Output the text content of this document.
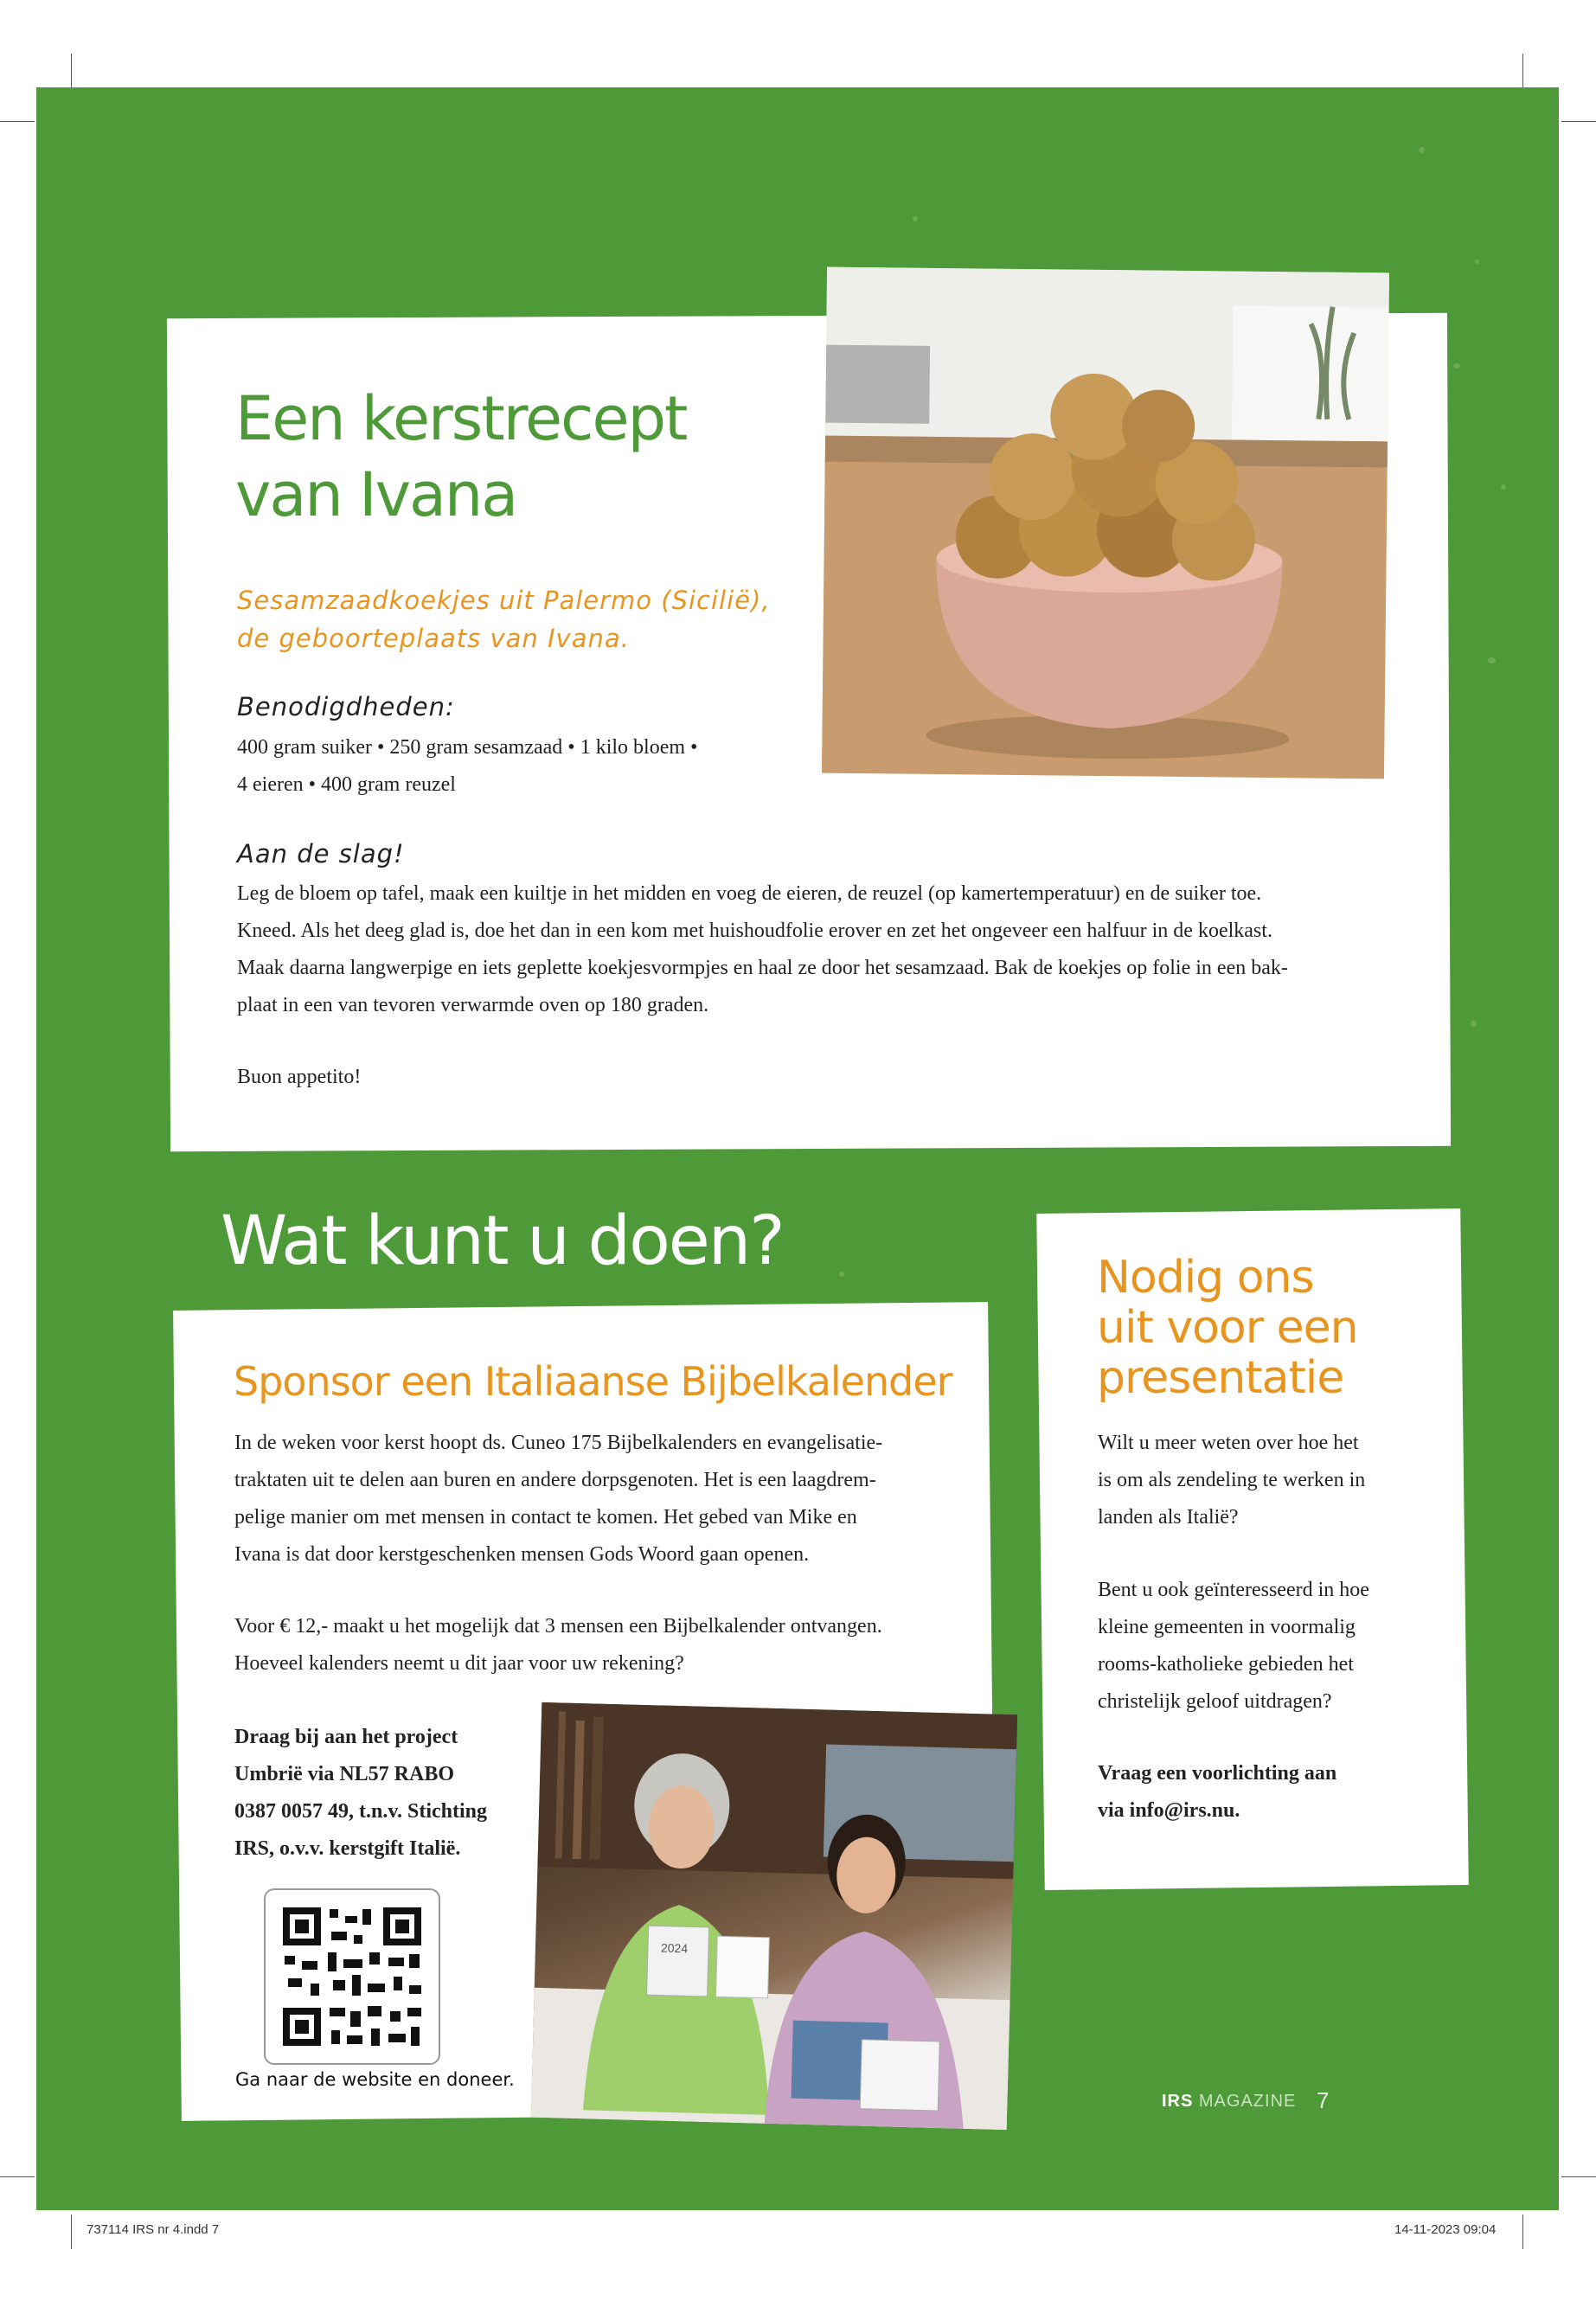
Een kerstrecept
van Ivana
Sesamzaadkoekjes uit Palermo (Sicilië),
de geboorteplaats van Ivana.
Benodigdheden:
400 gram suiker • 250 gram sesamzaad • 1 kilo bloem •
4 eieren • 400 gram reuzel
Aan de slag!
Leg de bloem op tafel, maak een kuiltje in het midden en voeg de eieren, de reuzel (op kamertemperatuur) en de suiker toe.
Kneed. Als het deeg glad is, doe het dan in een kom met huishoudfolie erover en zet het ongeveer een halfuur in de koelkast.
Maak daarna langwerpige en iets geplette koekjesvormpjes en haal ze door het sesamzaad. Bak de koekjes op folie in een bak-
plaat in een van tevoren verwarmde oven op 180 graden.
Buon appetito!
Wat kunt u doen?
Sponsor een Italiaanse Bijbelkalender
In de weken voor kerst hoopt ds. Cuneo 175 Bijbelkalenders en evangelisatie-
traktaten uit te delen aan buren en andere dorpsgenoten. Het is een laagdrem-
pelige manier om met mensen in contact te komen. Het gebed van Mike en
Ivana is dat door kerstgeschenken mensen Gods Woord gaan openen.
Voor € 12,- maakt u het mogelijk dat 3 mensen een Bijbelkalender ontvangen.
Hoeveel kalenders neemt u dit jaar voor uw rekening?
Draag bij aan het project
Umbrië via NL57 RABO
0387 0057 49, t.n.v. Stichting
IRS, o.v.v. kerstgift Italië.
Ga naar de website en doneer.
2024
Nodig ons
uit voor een
presentatie
Wilt u meer weten over hoe het
is om als zendeling te werken in
landen als Italië?
Bent u ook geïnteresseerd in hoe
kleine gemeenten in voormalig
rooms-katholieke gebieden het
christelijk geloof uitdragen?
Vraag een voorlichting aan
via info@irs.nu.
IRS MAGAZINE 7
737114 IRS nr 4.indd 7	14-11-2023 09:04
